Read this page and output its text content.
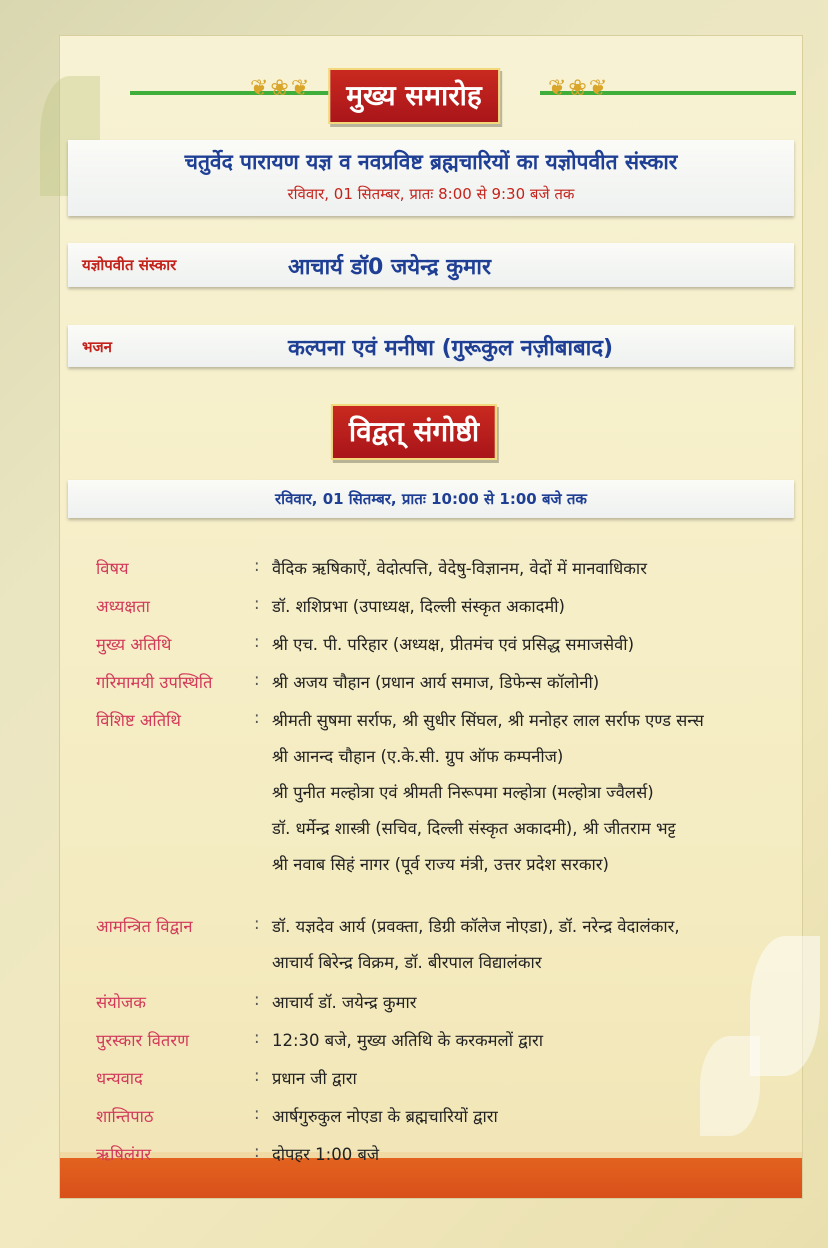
❦❀❦	❦❀❦
मुख्य समारोह
चतुर्वेद पारायण यज्ञ व नवप्रविष्ट ब्रह्मचारियों का यज्ञोपवीत संस्कार
रविवार, 01 सितम्बर, प्रातः 8:00 से 9:30 बजे तक
यज्ञोपवीत संस्कार	आचार्य डॉ0 जयेन्द्र कुमार
भजन	कल्पना एवं मनीषा (गुरूकुल नज़ीबाबाद)
विद्वत् संगोष्ठी
रविवार, 01 सितम्बर, प्रातः 10:00 से 1:00 बजे तक
विषय	: वैदिक ऋषिकाऐं, वेदोत्पत्ति, वेदेषु-विज्ञानम, वेदों में मानवाधिकार
अध्यक्षता	: डॉ. शशिप्रभा (उपाध्यक्ष, दिल्ली संस्कृत अकादमी)
मुख्य अतिथि	: श्री एच. पी. परिहार (अध्यक्ष, प्रीतमंच एवं प्रसिद्ध समाजसेवी)
गरिमामयी उपस्थिति	: श्री अजय चौहान (प्रधान आर्य समाज, डिफेन्स कॉलोनी)
विशिष्ट अतिथि	: श्रीमती सुषमा सर्राफ, श्री सुधीर सिंघल, श्री मनोहर लाल सर्राफ एण्ड सन्स
श्री आनन्द चौहान (ए.के.सी. ग्रुप ऑफ कम्पनीज)
श्री पुनीत मल्होत्रा एवं श्रीमती निरूपमा मल्होत्रा (मल्होत्रा ज्वैलर्स)
डॉ. धर्मेन्द्र शास्त्री (सचिव, दिल्ली संस्कृत अकादमी), श्री जीतराम भट्ट
श्री नवाब सिहं नागर (पूर्व राज्य मंत्री, उत्तर प्रदेश सरकार)
आमन्त्रित विद्वान	: डॉ. यज्ञदेव आर्य (प्रवक्ता, डिग्री कॉलेज नोएडा), डॉ. नरेन्द्र वेदालंकार,
आचार्य बिरेन्द्र विक्रम, डॉ. बीरपाल विद्यालंकार
संयोजक	: आचार्य डॉ. जयेन्द्र कुमार
पुरस्कार वितरण	: 12:30 बजे, मुख्य अतिथि के करकमलों द्वारा
धन्यवाद	: प्रधान जी द्वारा
शान्तिपाठ	: आर्षगुरुकुल नोएडा के ब्रह्मचारियों द्वारा
ऋषिलंगर	: दोपहर 1:00 बजे
